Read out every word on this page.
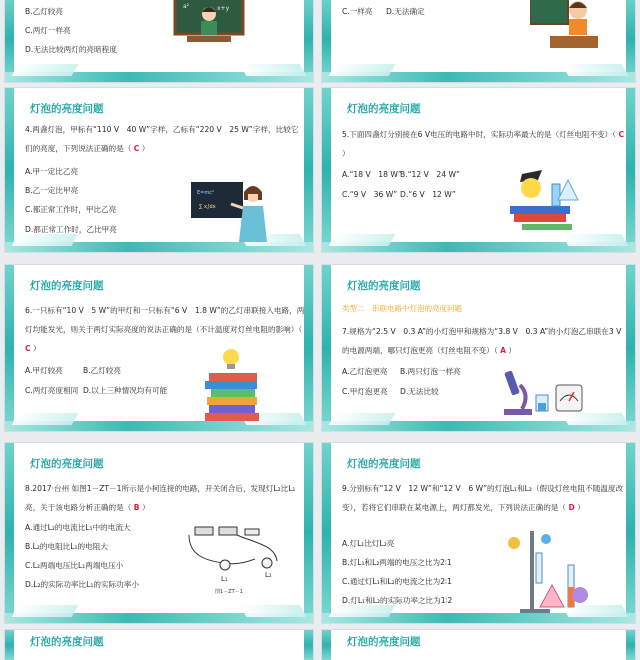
B.乙灯较亮
C.两灯一样亮
D.无法比较两灯的亮暗程度
a²	x+y	C.一样亮 D.无法确定
灯泡的亮度问题
4.两盏灯泡，甲标有“110 V　40 W”字样，乙标有“220 V　25 W”字样，比较它们的亮度，下列说法正确的是（ C ）
A.甲一定比乙亮
B.乙一定比甲亮
C.都正常工作时，甲比乙亮
D.都正常工作时，乙比甲亮
E=mc²
∑ x∫dx
灯泡的亮度问题
5.下面四盏灯分别接在6 V电压的电路中时，实际功率最大的是（灯丝电阻不变）（ C ）
A.“18 V　18 W”
B.“12 V　24 W”
C.“9 V　36 W” D.“6 V　12 W”
灯泡的亮度问题
6.一只标有“10 V　5 W”的甲灯和一只标有“6 V　1.8 W”的乙灯串联接入电路，两灯均能发光，则关于两灯实际亮度的说法正确的是（不计温度对灯丝电阻的影响）（ C ）
A.甲灯较亮	B.乙灯较亮
C.两灯亮度相同 D.以上三种情况均有可能
灯泡的亮度问题
类型二　串联电路中灯泡的亮度问题
7.规格为“2.5 V　0.3 A”的小灯泡甲和规格为“3.8 V　0.3 A”的小灯泡乙串联在3 V的电源两端，哪只灯泡更亮（灯丝电阻不变）（ A ）
A.乙灯泡更亮 B.两只灯泡一样亮
C.甲灯泡更亮 D.无法比较
灯泡的亮度问题
8.2017·台州 如图1－ZT－1所示是小柯连接的电路，开关闭合后，发现灯L₂比L₁亮，关于该电路分析正确的是（ B ）
A.通过L₂的电流比L₁中的电流大
B.L₂的电阻比L₁的电阻大
C.L₂两端电压比L₁两端电压小
D.L₂的实际功率比L₁的实际功率小
L₁	L₂
图1－ZT－1
灯泡的亮度问题
9.分别标有“12 V　12 W”和“12 V　6 W”的灯泡L₁和L₂（假设灯丝电阻不随温度改变），若将它们串联在某电源上，两灯都发光，下列说法正确的是（ D ）
A.灯L₁比灯L₂亮
B.灯L₁和L₂两端的电压之比为2∶1
C.通过灯L₁和L₂的电流之比为2∶1
D.灯L₁和L₂的实际功率之比为1∶2
灯泡的亮度问题	灯泡的亮度问题
